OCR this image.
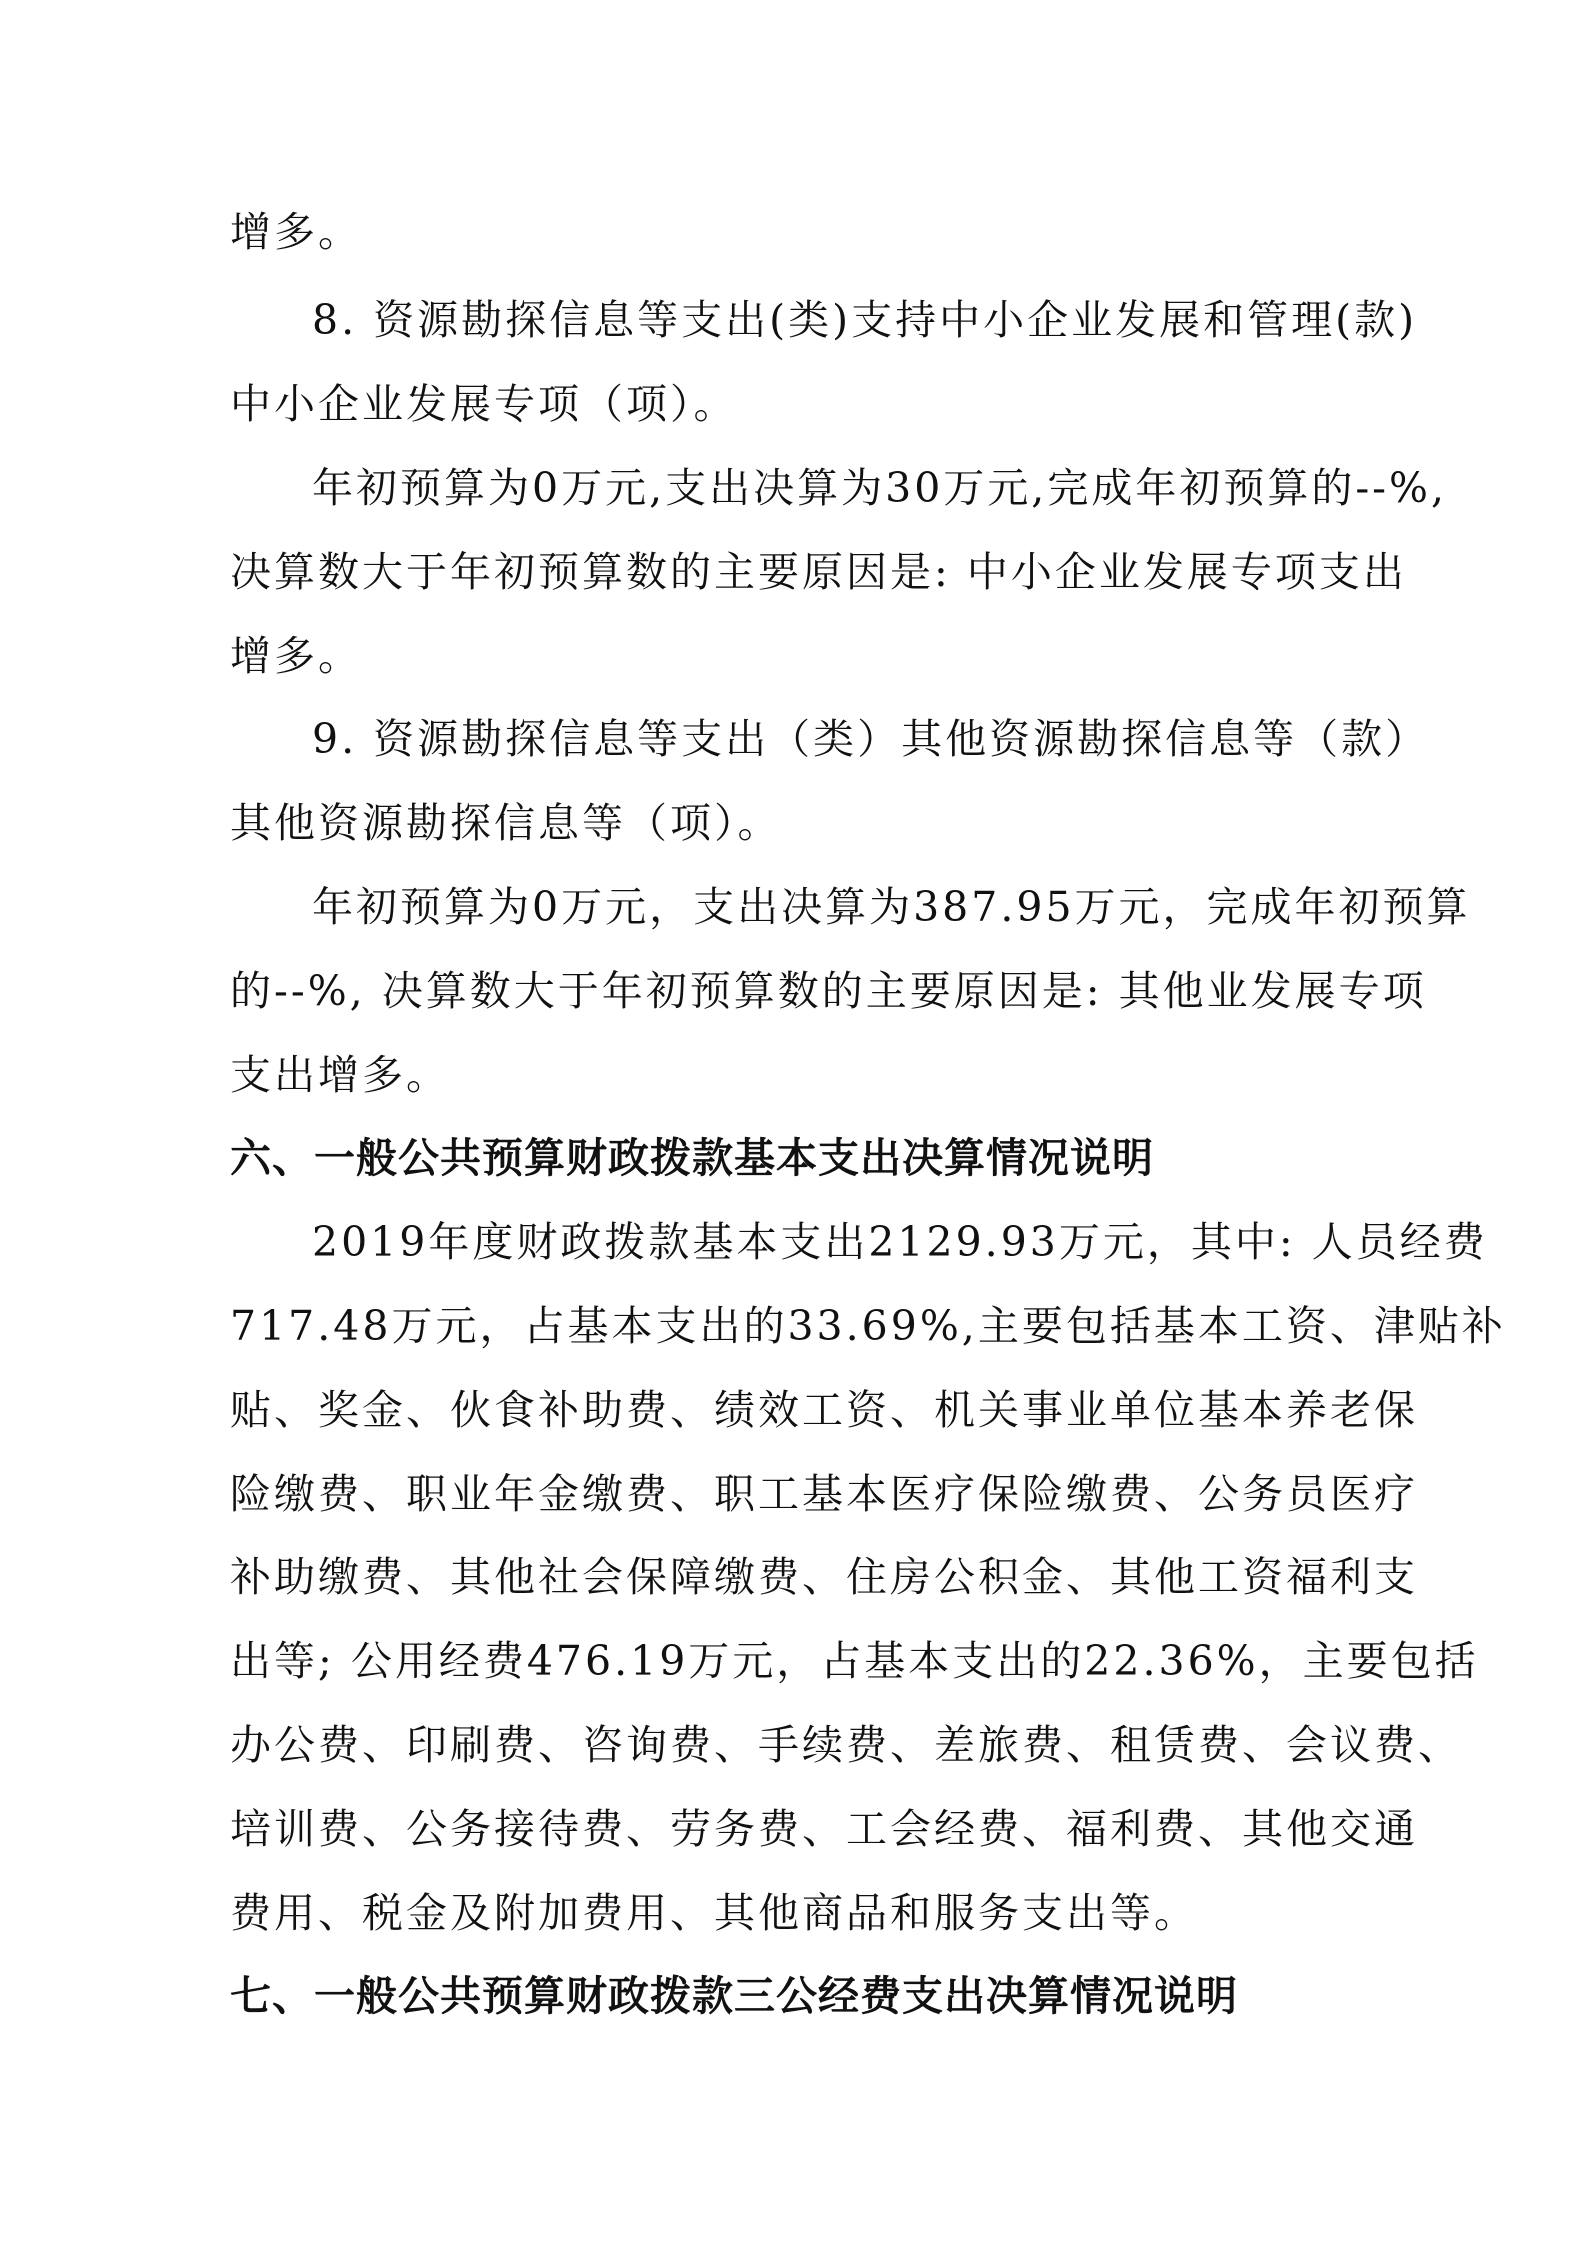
增多。
8. 资源勘探信息等支出(类)支持中小企业发展和管理(款)
中小企业发展专项（项）。
年初预算为0万元,支出决算为30万元,完成年初预算的--%,
决算数大于年初预算数的主要原因是: 中小企业发展专项支出
增多。
9. 资源勘探信息等支出（类）其他资源勘探信息等（款）
其他资源勘探信息等（项）。
年初预算为0万元，支出决算为387.95万元，完成年初预算
的--%, 决算数大于年初预算数的主要原因是: 其他业发展专项
支出增多。
六、一般公共预算财政拨款基本支出决算情况说明
2019年度财政拨款基本支出2129.93万元，其中: 人员经费
717.48万元，占基本支出的33.69%,主要包括基本工资、津贴补
贴、奖金、伙食补助费、绩效工资、机关事业单位基本养老保
险缴费、职业年金缴费、职工基本医疗保险缴费、公务员医疗
补助缴费、其他社会保障缴费、住房公积金、其他工资福利支
出等; 公用经费476.19万元，占基本支出的22.36%，主要包括
办公费、印刷费、咨询费、手续费、差旅费、租赁费、会议费、
培训费、公务接待费、劳务费、工会经费、福利费、其他交通
费用、税金及附加费用、其他商品和服务支出等。
七、一般公共预算财政拨款三公经费支出决算情况说明
